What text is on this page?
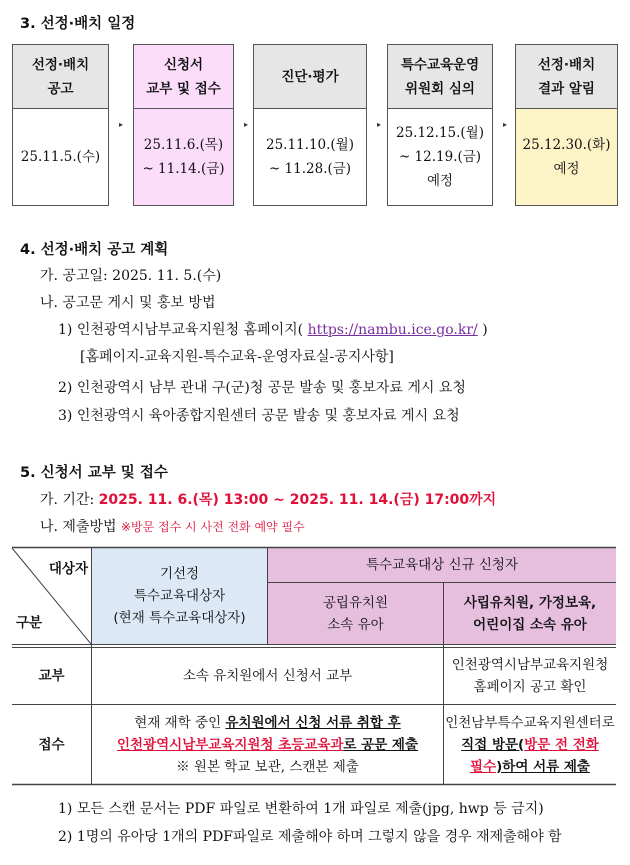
3. 선정·배치 일정
선정·배치
공고
25.11.5.(수)
▸
신청서
교부 및 접수
25.11.6.(목)
~ 11.14.(금)
▸
진단·평가
25.11.10.(월)
~ 11.28.(금)
▸
특수교육운영
위원회 심의
25.12.15.(월)
~ 12.19.(금)
예정
▸
선정·배치
결과 알림
25.12.30.(화)
예정
4. 선정·배치 공고 계획
가. 공고일: 2025. 11. 5.(수)
나. 공고문 게시 및 홍보 방법
1) 인천광역시남부교육지원청 홈페이지( https://nambu.ice.go.kr/ )
[홈페이지-교육지원-특수교육-운영자료실-공지사항]
2) 인천광역시 남부 관내 구(군)청 공문 발송 및 홍보자료 게시 요청
3) 인천광역시 육아종합지원센터 공문 발송 및 홍보자료 게시 요청
5. 신청서 교부 및 접수
가. 기간: 2025. 11. 6.(목) 13:00 ~ 2025. 11. 14.(금) 17:00까지
나. 제출방법 ※방문 접수 시 사전 전화 예약 필수
대상자
구분
기선정
특수교육대상자
(현재 특수교육대상자)
특수교육대상 신규 신청자
공립유치원
소속 유아
사립유치원, 가정보육,
어린이집 소속 유아
교부	소속 유치원에서 신청서 교부
인천광역시남부교육지원청
홈페이지 공고 확인
접수
현재 재학 중인 유치원에서 신청 서류 취합 후
인천광역시남부교육지원청 초등교육과로 공문 제출
※ 원본 학교 보관, 스캔본 제출
인천남부특수교육지원센터로
직접 방문(방문 전 전화
필수)하여 서류 제출
1) 모든 스캔 문서는 PDF 파일로 변환하여 1개 파일로 제출(jpg, hwp 등 금지)
2) 1명의 유아당 1개의 PDF파일로 제출해야 하며 그렇지 않을 경우 재제출해야 함
